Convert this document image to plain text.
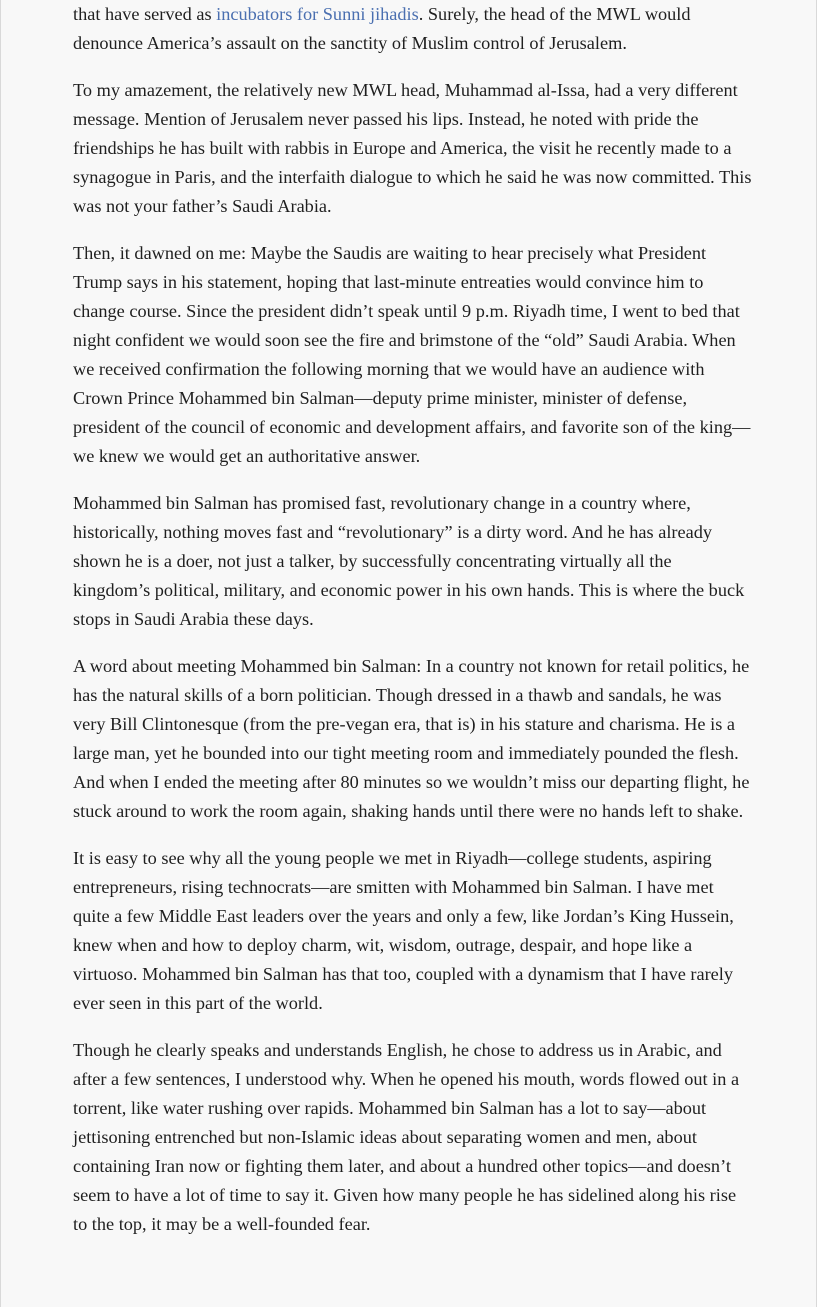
that have served as incubators for Sunni jihadis. Surely, the head of the MWL would denounce America’s assault on the sanctity of Muslim control of Jerusalem.

To my amazement, the relatively new MWL head, Muhammad al-Issa, had a very different message. Mention of Jerusalem never passed his lips. Instead, he noted with pride the friendships he has built with rabbis in Europe and America, the visit he recently made to a synagogue in Paris, and the interfaith dialogue to which he said he was now committed. This was not your father’s Saudi Arabia.

Then, it dawned on me: Maybe the Saudis are waiting to hear precisely what President Trump says in his statement, hoping that last-minute entreaties would convince him to change course. Since the president didn’t speak until 9 p.m. Riyadh time, I went to bed that night confident we would soon see the fire and brimstone of the “old” Saudi Arabia. When we received confirmation the following morning that we would have an audience with Crown Prince Mohammed bin Salman—deputy prime minister, minister of defense, president of the council of economic and development affairs, and favorite son of the king—we knew we would get an authoritative answer.

Mohammed bin Salman has promised fast, revolutionary change in a country where, historically, nothing moves fast and “revolutionary” is a dirty word. And he has already shown he is a doer, not just a talker, by successfully concentrating virtually all the kingdom’s political, military, and economic power in his own hands. This is where the buck stops in Saudi Arabia these days.

A word about meeting Mohammed bin Salman: In a country not known for retail politics, he has the natural skills of a born politician. Though dressed in a thawb and sandals, he was very Bill Clintonesque (from the pre-vegan era, that is) in his stature and charisma. He is a large man, yet he bounded into our tight meeting room and immediately pounded the flesh. And when I ended the meeting after 80 minutes so we wouldn’t miss our departing flight, he stuck around to work the room again, shaking hands until there were no hands left to shake.

It is easy to see why all the young people we met in Riyadh—college students, aspiring entrepreneurs, rising technocrats—are smitten with Mohammed bin Salman. I have met quite a few Middle East leaders over the years and only a few, like Jordan’s King Hussein, knew when and how to deploy charm, wit, wisdom, outrage, despair, and hope like a virtuoso. Mohammed bin Salman has that too, coupled with a dynamism that I have rarely ever seen in this part of the world.

Though he clearly speaks and understands English, he chose to address us in Arabic, and after a few sentences, I understood why. When he opened his mouth, words flowed out in a torrent, like water rushing over rapids. Mohammed bin Salman has a lot to say—about jettisoning entrenched but non-Islamic ideas about separating women and men, about containing Iran now or fighting them later, and about a hundred other topics—and doesn’t seem to have a lot of time to say it. Given how many people he has sidelined along his rise to the top, it may be a well-founded fear.
